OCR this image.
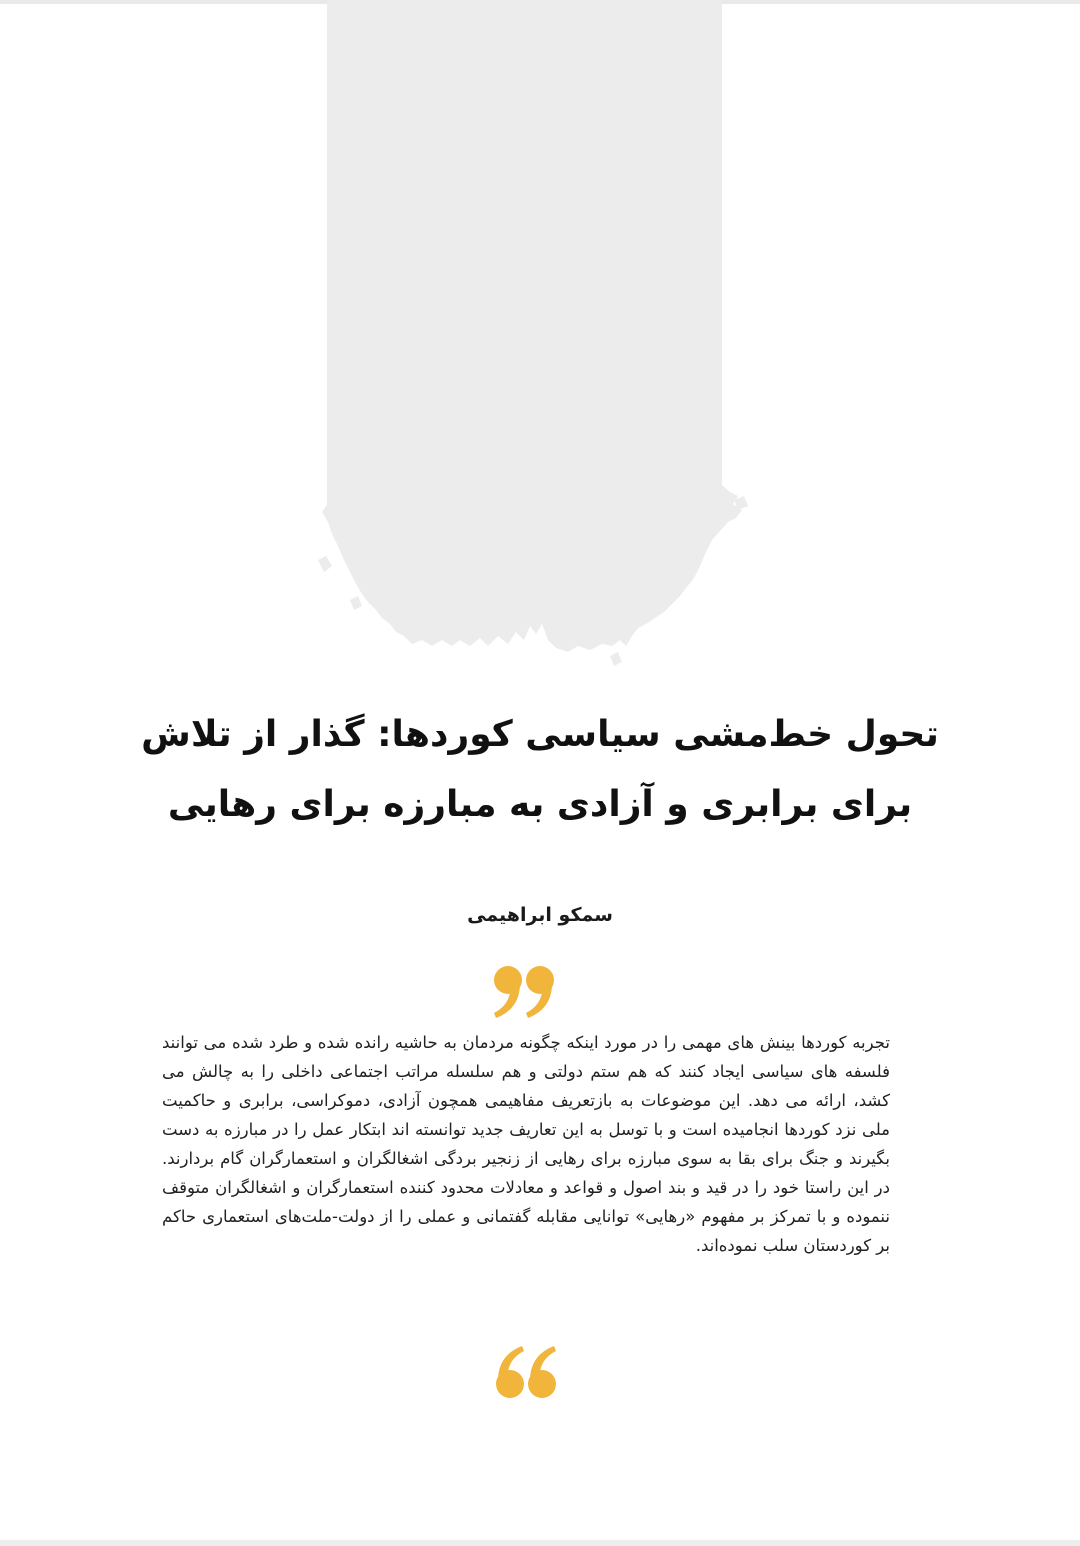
تحول خط‌مشی سیاسی کوردها: گذار از تلاش برای برابری و آزادی به مبارزه برای رهایی
سمکو ابراهیمی

تجربه کوردها بینش های مهمی را در مورد اینکه چگونه مردمان به حاشیه رانده شده و طرد شده می توانند فلسفه های سیاسی ایجاد کنند که هم ستم دولتی و هم سلسله مراتب اجتماعی داخلی را به چالش می کشد، ارائه می دهد. این موضوعات به بازتعریف مفاهیمی همچون آزادی، دموکراسی، برابری و حاکمیت ملی نزد کوردها انجامیده است و با توسل به این تعاریف جدید توانسته اند ابتکار عمل را در مبارزه به دست بگیرند و جنگ برای بقا به سوی مبارزه برای رهایی از زنجیر بردگی اشغالگران و استعمارگران گام بردارند. در این راستا خود را در قید و بند اصول و قواعد و معادلات محدود کننده استعمارگران و اشغالگران متوقف ننموده و با تمرکز بر مفهوم «رهایی» توانایی مقابله گفتمانی و عملی را از دولت-ملت‌های استعماری حاکم بر کوردستان سلب نموده‌اند.
